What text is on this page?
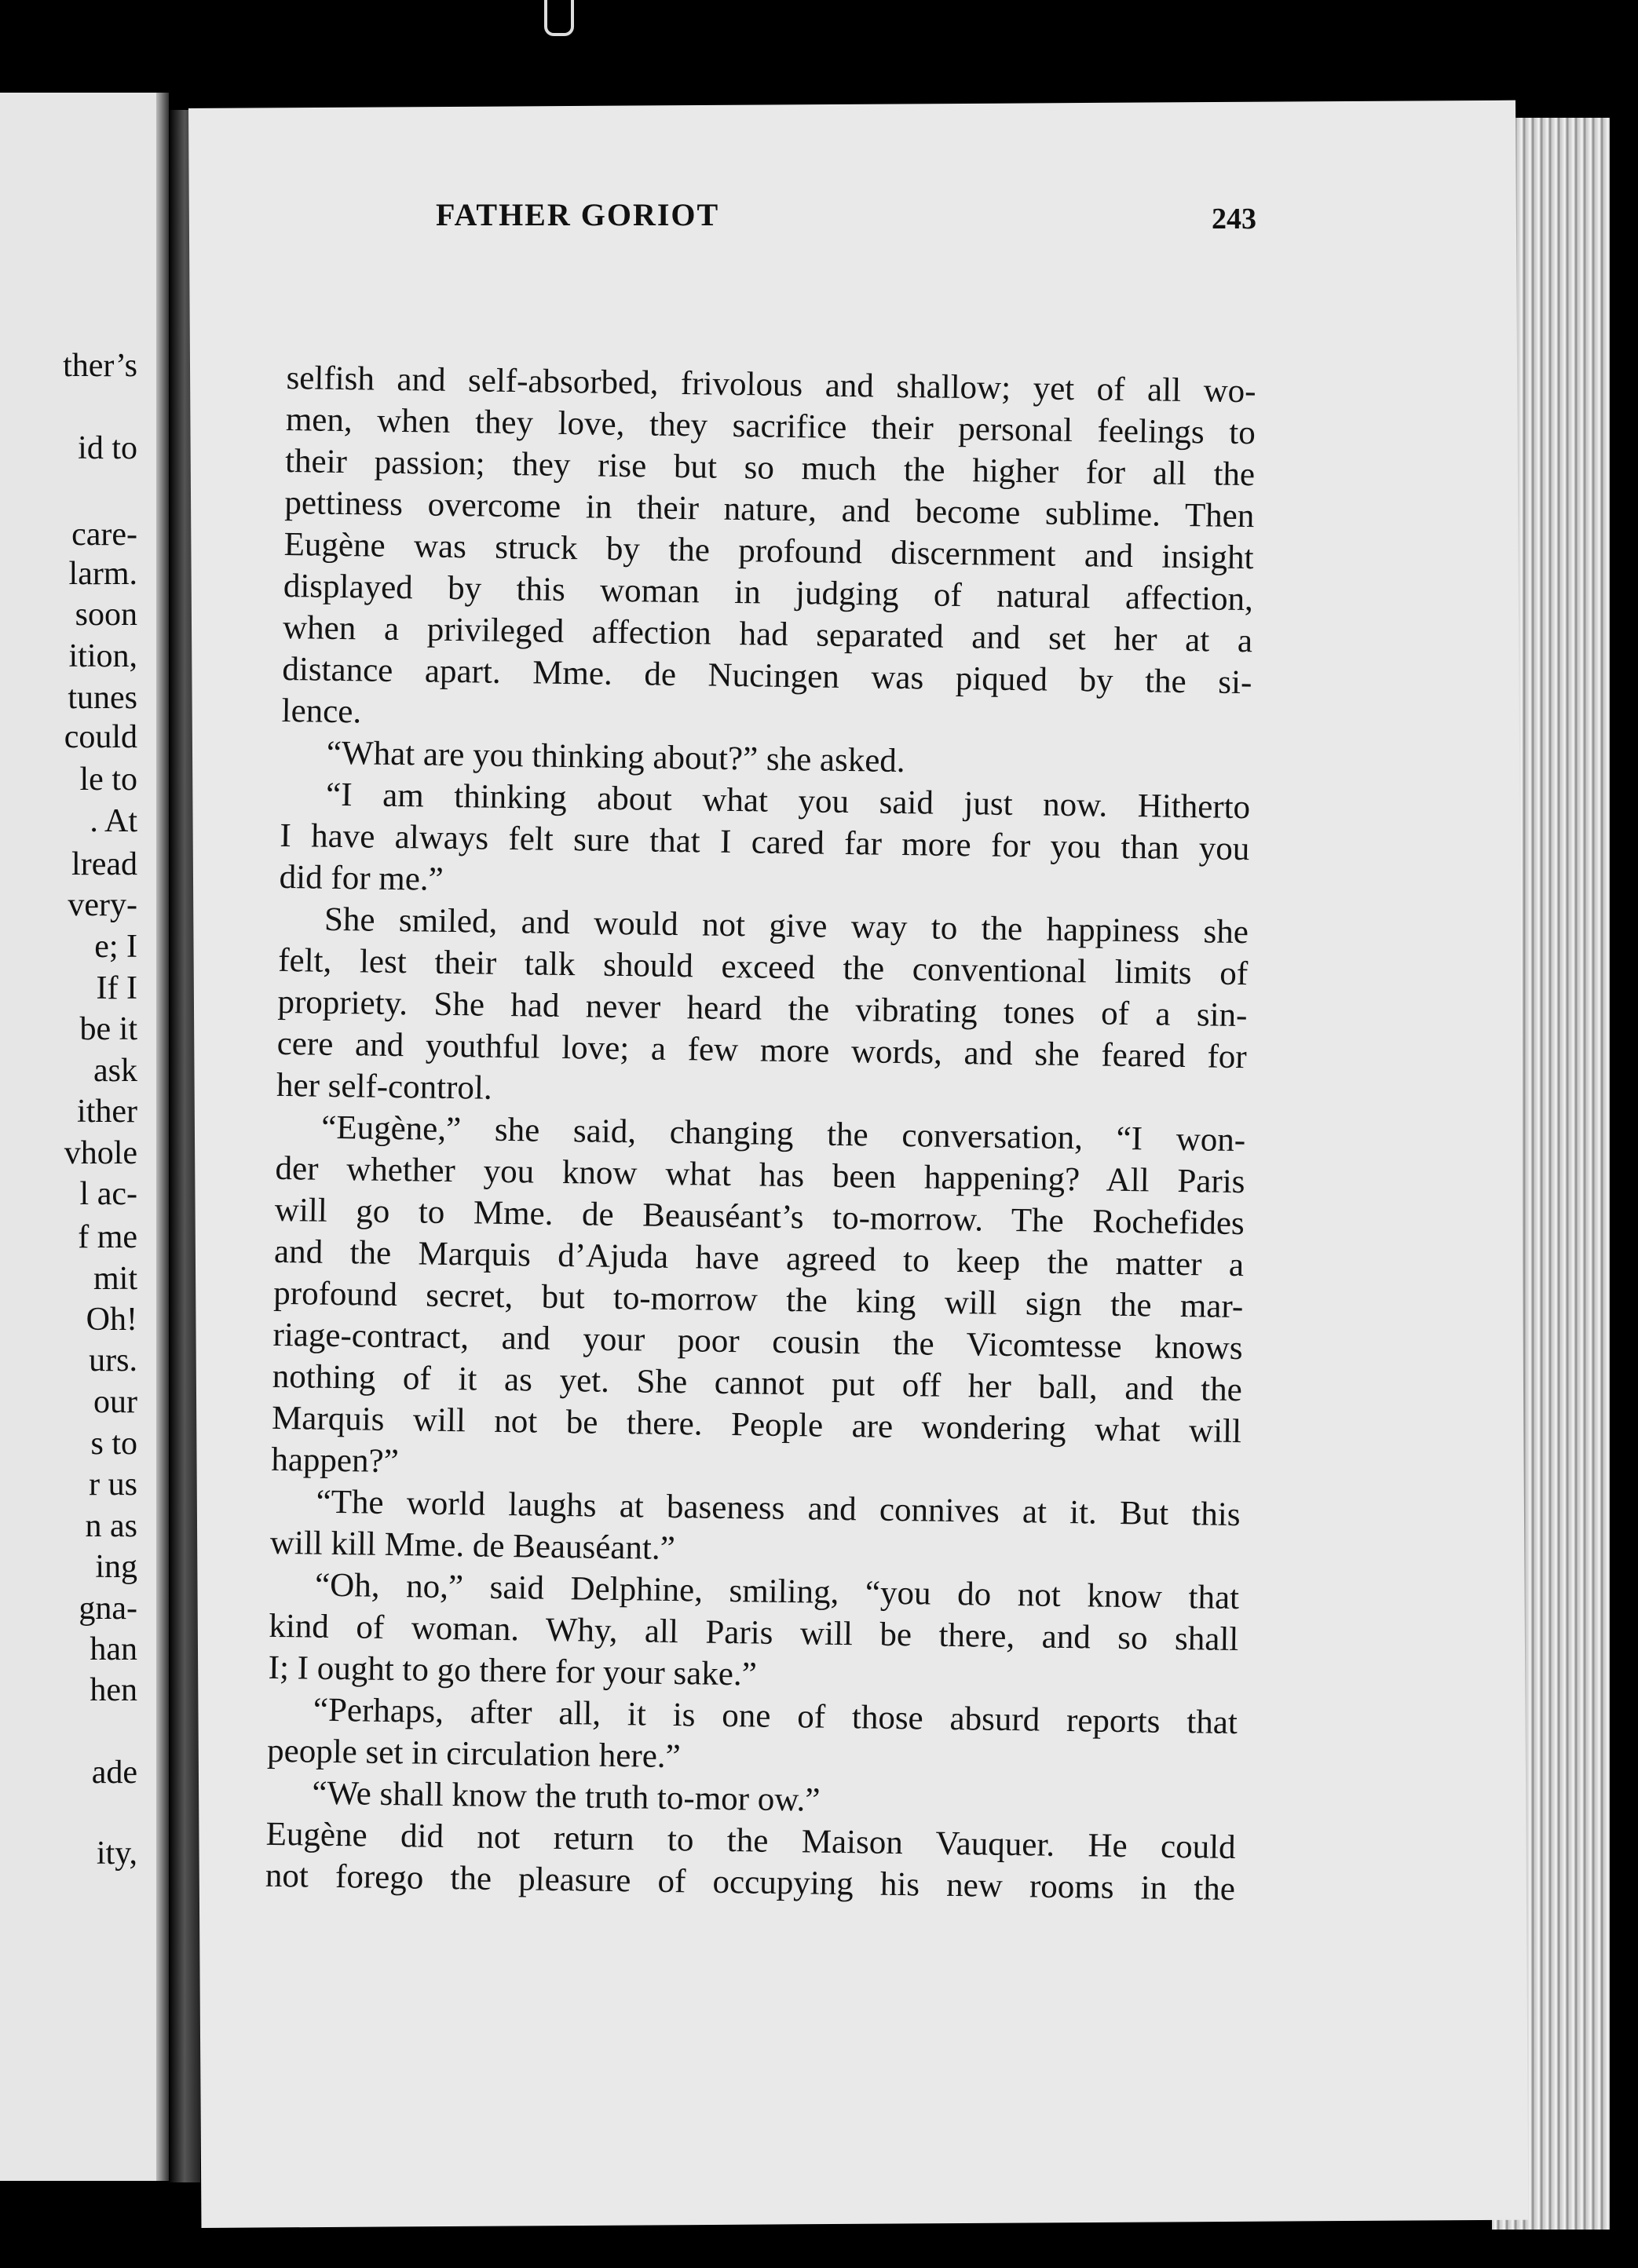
ther’s
id to
care-
larm.
soon
ition,
tunes
could
le to
. At
lread
very-
e; I
If I
be it
ask
ither
vhole
l ac-
f me
mit
Oh!
urs.
our
s to
r us
n as
ing
gna-
han
hen
ade
ity,
FATHER GORIOT	243
selfish and self-absorbed, frivolous and shallow; yet of all wo-
men, when they love, they sacrifice their personal feelings to
their passion; they rise but so much the higher for all the
pettiness overcome in their nature, and become sublime. Then
Eugène was struck by the profound discernment and insight
displayed by this woman in judging of natural affection,
when a privileged affection had separated and set her at a
distance apart. Mme. de Nucingen was piqued by the si-
lence.
“What are you thinking about?” she asked.
“I am thinking about what you said just now. Hitherto
I have always felt sure that I cared far more for you than you
did for me.”
She smiled, and would not give way to the happiness she
felt, lest their talk should exceed the conventional limits of
propriety. She had never heard the vibrating tones of a sin-
cere and youthful love; a few more words, and she feared for
her self-control.
“Eugène,” she said, changing the conversation, “I won-
der whether you know what has been happening? All Paris
will go to Mme. de Beauséant’s to-morrow. The Rochefides
and the Marquis d’Ajuda have agreed to keep the matter a
profound secret, but to-morrow the king will sign the mar-
riage-contract, and your poor cousin the Vicomtesse knows
nothing of it as yet. She cannot put off her ball, and the
Marquis will not be there. People are wondering what will
happen?”
“The world laughs at baseness and connives at it. But this
will kill Mme. de Beauséant.”
“Oh, no,” said Delphine, smiling, “you do not know that
kind of woman. Why, all Paris will be there, and so shall
I; I ought to go there for your sake.”
“Perhaps, after all, it is one of those absurd reports that
people set in circulation here.”
“We shall know the truth to-mor ow.”
Eugène did not return to the Maison Vauquer. He could
not forego the pleasure of occupying his new rooms in the
